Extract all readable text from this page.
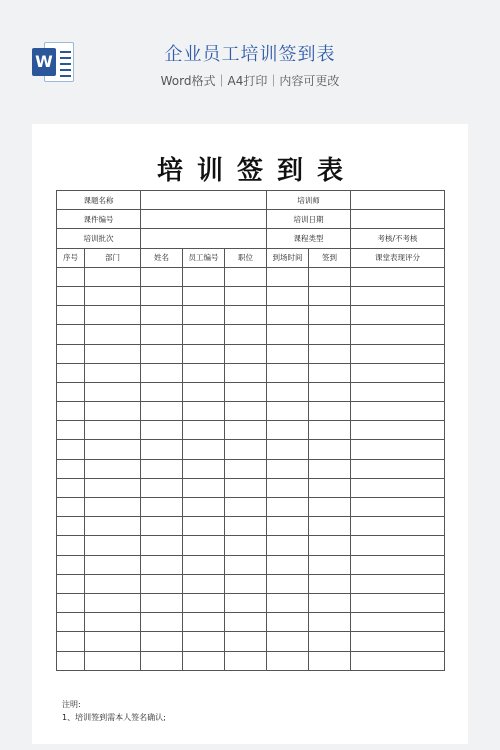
W	企业员工培训签到表
Word格式｜A4打印｜内容可更改
培训签到表
课题名称					培训师		
课件编号					培训日期		
培训批次					课程类型		考核/不考核
序号	部门	姓名	员工编号	职位	到场时间	签到	课堂表现评分

注明:
1、培训签到需本人签名确认;
